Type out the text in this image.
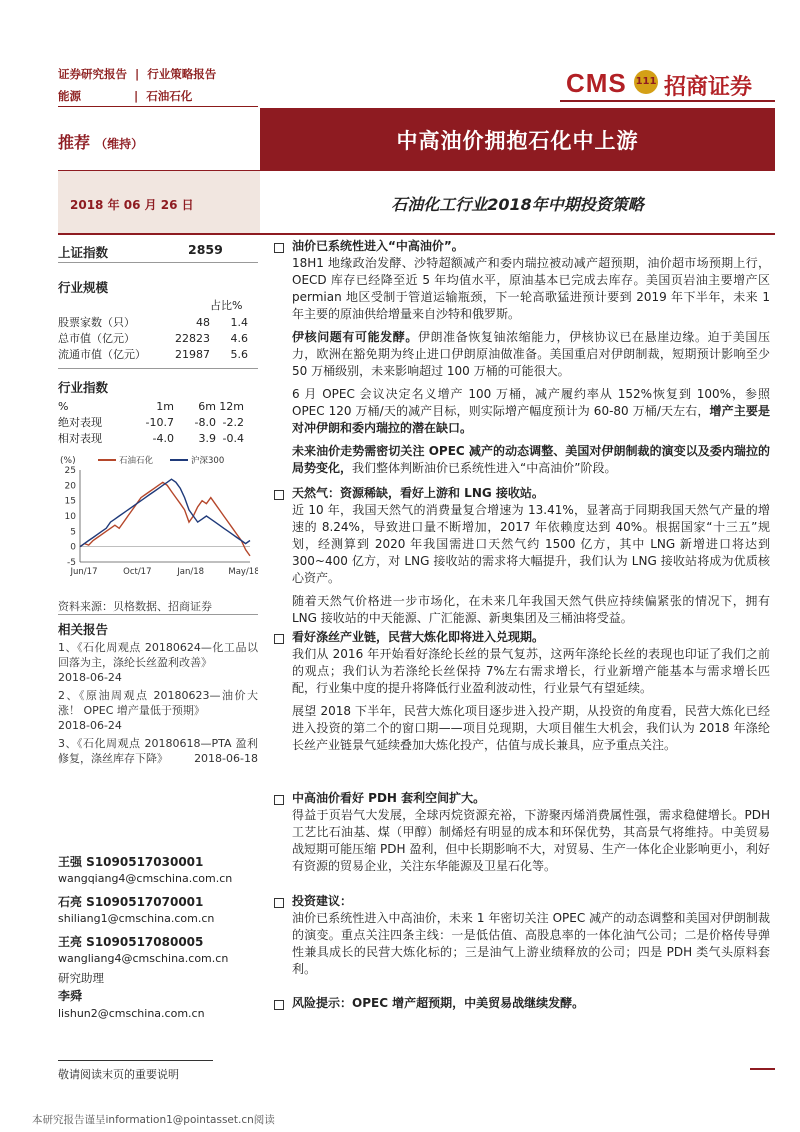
证券研究报告 | 行业策略报告
能源	| 石油石化	CMS 111 招商证券
推荐 （维持）	中高油价拥抱石化中上游
2018 年 06 月 26 日	石油化工行业2018年中期投资策略
上证指数	2859
行业规模
占比%
股票家数（只）	48	1.4
总市值（亿元）	22823	4.6
流通市值（亿元）	21987	5.6
行业指数
%	1m	6m	12m
绝对表现	-10.7	-8.0	-2.2
相对表现	-4.0	3.9	-0.4
(%)	石油石化	沪深300
25
20
15
10
5
0
-5
Jun/17	Oct/17	Jan/18	May/18
资料来源：贝格数据、招商证券
相关报告
1、《石化周观点 20180624—化工品以回落为主，涤纶长丝盈利改善》
2018-06-24
2、《原油周观点 20180623—油价大涨！ OPEC 增产量低于预期》
2018-06-24
3、《石化周观点 20180618—PTA 盈利修复，涤丝库存下降》	2018-06-18
王强 S1090517030001
wangqiang4@cmschina.com.cn
石亮 S1090517070001
shiliang1@cmschina.com.cn
王亮 S1090517080005
wangliang4@cmschina.com.cn
研究助理
李舜
lishun2@cmschina.com.cn
油价已系统性进入“中高油价”。
18H1 地缘政治发酵、沙特超额减产和委内瑞拉被动减产超预期，油价超市场预期上行，OECD 库存已经降至近 5 年均值水平，原油基本已完成去库存。美国页岩油主要增产区 permian 地区受制于管道运输瓶颈，下一轮高歌猛进预计要到 2019 年下半年，未来 1 年主要的原油供给增量来自沙特和俄罗斯。
伊核问题有可能发酵。伊朗准备恢复铀浓缩能力，伊核协议已在悬崖边缘。迫于美国压力，欧洲在豁免期为终止进口伊朗原油做准备。美国重启对伊朗制裁，短期预计影响至少 50 万桶级别，未来影响超过 100 万桶的可能很大。
6 月 OPEC 会议决定名义增产 100 万桶，减产履约率从 152%恢复到 100%，参照 OPEC 120 万桶/天的减产目标，则实际增产幅度预计为 60-80 万桶/天左右，增产主要是对冲伊朗和委内瑞拉的潜在缺口。
未来油价走势需密切关注 OPEC 减产的动态调整、美国对伊朗制裁的演变以及委内瑞拉的局势变化，我们整体判断油价已系统性进入“中高油价”阶段。
天然气：资源稀缺，看好上游和 LNG 接收站。
近 10 年，我国天然气的消费量复合增速为 13.41%，显著高于同期我国天然气产量的增速的 8.24%，导致进口量不断增加，2017 年依赖度达到 40%。根据国家“十三五”规划，经测算到 2020 年我国需进口天然气约 1500 亿方，其中 LNG 新增进口将达到 300~400 亿方，对 LNG 接收站的需求将大幅提升，我们认为 LNG 接收站将成为优质核心资产。
随着天然气价格进一步市场化，在未来几年我国天然气供应持续偏紧张的情况下，拥有 LNG 接收站的中天能源、广汇能源、新奥集团及三桶油将受益。
看好涤丝产业链，民营大炼化即将进入兑现期。
我们从 2016 年开始看好涤纶长丝的景气复苏，这两年涤纶长丝的表现也印证了我们之前的观点；我们认为若涤纶长丝保持 7%左右需求增长，行业新增产能基本与需求增长匹配，行业集中度的提升将降低行业盈利波动性，行业景气有望延续。
展望 2018 下半年，民营大炼化项目逐步进入投产期，从投资的角度看，民营大炼化已经进入投资的第二个的窗口期——项目兑现期，大项目催生大机会，我们认为 2018 年涤纶长丝产业链景气延续叠加大炼化投产，估值与成长兼具，应予重点关注。
中高油价看好 PDH 套利空间扩大。
得益于页岩气大发展，全球丙烷资源充裕，下游聚丙烯消费属性强，需求稳健增长。PDH 工艺比石油基、煤（甲醇）制烯烃有明显的成本和环保优势，其高景气将维持。中美贸易战短期可能压缩 PDH 盈利，但中长期影响不大，对贸易、生产一体化企业影响更小，利好有资源的贸易企业，关注东华能源及卫星石化等。
投资建议：
油价已系统性进入中高油价，未来 1 年密切关注 OPEC 减产的动态调整和美国对伊朗制裁的演变。重点关注四条主线：一是低估值、高股息率的一体化油气公司；二是价格传导弹性兼具成长的民营大炼化标的；三是油气上游业绩释放的公司；四是 PDH 类气头原料套利。
风险提示：OPEC 增产超预期，中美贸易战继续发酵。
敬请阅读末页的重要说明
本研究报告谨呈information1@pointasset.cn阅读
